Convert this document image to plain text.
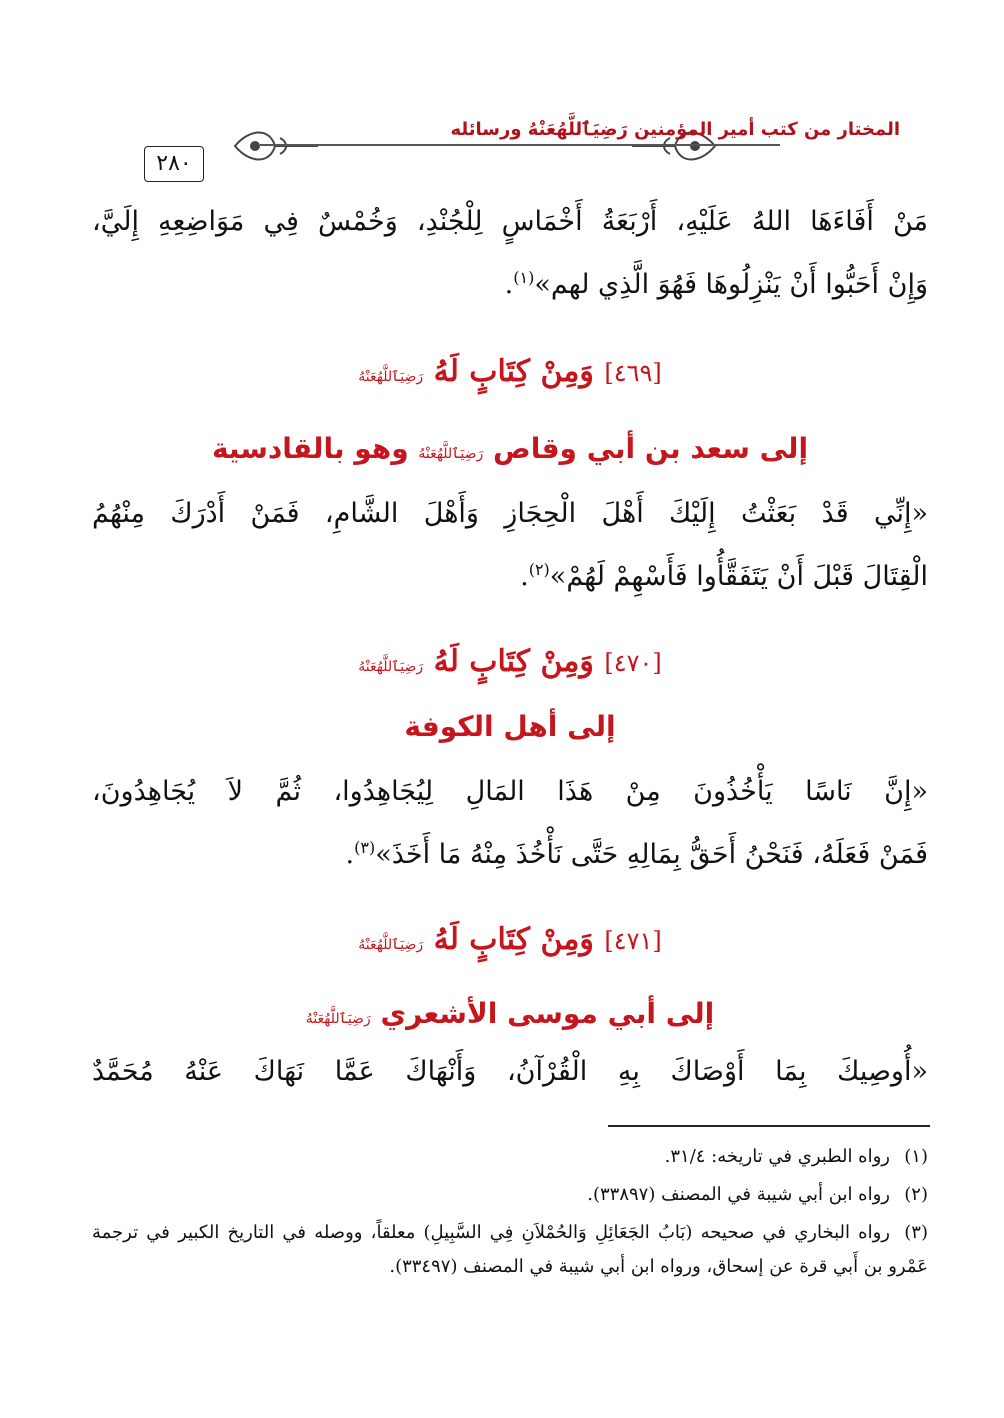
٢٨٠
المختار من كتب أمير المؤمنين رَضِيَٱللَّهُعَنْهُ ورسائله
مَنْ أَفَاءَهَا اللهُ عَلَيْهِ، أَرْبَعَةُ أَخْمَاسٍ لِلْجُنْدِ، وَخُمْسٌ فِي مَوَاضِعِهِ إِلَيَّ،
وَإِنْ أَحَبُّوا أَنْ يَنْزِلُوهَا فَهُوَ الَّذِي لهم»$^{(١)}$.
[٤٦٩] وَمِنْ كِتَابٍ لَهُ رَضِيَٱللَّهُعَنْهُ
إلى سعد بن أبي وقاص رَضِيَٱللَّهُعَنْهُ وهو بالقادسية
«إِنِّي قَدْ بَعَثْتُ إِلَيْكَ أَهْلَ الْحِجَازِ وَأَهْلَ الشَّامِ، فَمَنْ أَدْرَكَ مِنْهُمُ
الْقِتَالَ قَبْلَ أَنْ يَتَفَقَّأُوا فَأَسْهِمْ لَهُمْ»$^{(٢)}$.
[٤٧٠] وَمِنْ كِتَابٍ لَهُ رَضِيَٱللَّهُعَنْهُ
إلى أهل الكوفة
«إِنَّ نَاسًا يَأْخُذُونَ مِنْ هَذَا المَالِ لِيُجَاهِدُوا، ثُمَّ لاَ يُجَاهِدُونَ،
فَمَنْ فَعَلَهُ، فَنَحْنُ أَحَقُّ بِمَالِهِ حَتَّى نَأْخُذَ مِنْهُ مَا أَخَذَ»$^{(٣)}$.
[٤٧١] وَمِنْ كِتَابٍ لَهُ رَضِيَٱللَّهُعَنْهُ
إلى أبي موسى الأشعري رَضِيَٱللَّهُعَنْهُ
«أُوصِيكَ بِمَا أَوْصَاكَ بِهِ الْقُرْآنُ، وَأَنْهَاكَ عَمَّا نَهَاكَ عَنْهُ مُحَمَّدٌ
(١)رواه الطبري في تاريخه: ٣١/٤.
(٢)رواه ابن أبي شيبة في المصنف (٣٣٨٩٧).
(٣)رواه البخاري في صحيحه (بَابُ الجَعَائِلِ وَالحُمْلاَنِ فِي السَّبِيلِ) معلقاً، ووصله في التاريخ الكبير في ترجمة عَمْرو بن أَبي قرة عن إسحاق، ورواه ابن أبي شيبة في المصنف (٣٣٤٩٧).
